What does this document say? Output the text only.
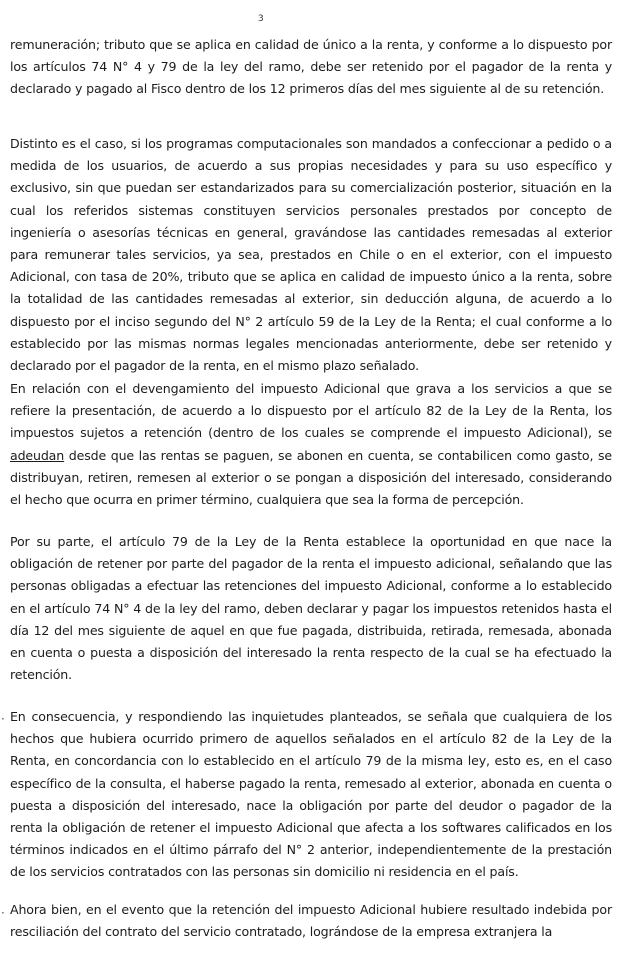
3

remuneración; tributo que se aplica en calidad de único a la renta, y conforme a lo dispuesto por los artículos 74 N° 4 y 79 de la ley del ramo, debe ser retenido por el pagador de la renta y declarado y pagado al Fisco dentro de los 12 primeros días del mes siguiente al de su retención.

Distinto es el caso, si los programas computacionales son mandados a confeccionar a pedido o a medida de los usuarios, de acuerdo a sus propias necesidades y para su uso específico y exclusivo, sin que puedan ser estandarizados para su comercialización posterior, situación en la cual los referidos sistemas constituyen servicios personales prestados por concepto de ingeniería o asesorías técnicas en general, gravándose las cantidades remesadas al exterior para remunerar tales servicios, ya sea, prestados en Chile o en el exterior, con el impuesto Adicional, con tasa de 20%, tributo que se aplica en calidad de impuesto único a la renta, sobre la totalidad de las cantidades remesadas al exterior, sin deducción alguna, de acuerdo a lo dispuesto por el inciso segundo del N° 2 artículo 59 de la Ley de la Renta; el cual conforme a lo establecido por las mismas normas legales mencionadas anteriormente, debe ser retenido y declarado por el pagador de la renta, en el mismo plazo señalado.

En relación con el devengamiento del impuesto Adicional que grava a los servicios a que se refiere la presentación, de acuerdo a lo dispuesto por el artículo 82 de la Ley de la Renta, los impuestos sujetos a retención (dentro de los cuales se comprende el impuesto Adicional), se adeudan desde que las rentas se paguen, se abonen en cuenta, se contabilicen como gasto, se distribuyan, retiren, remesen al exterior o se pongan a disposición del interesado, considerando el hecho que ocurra en primer término, cualquiera que sea la forma de percepción.

Por su parte, el artículo 79 de la Ley de la Renta establece la oportunidad en que nace la obligación de retener por parte del pagador de la renta el impuesto adicional, señalando que las personas obligadas a efectuar las retenciones del impuesto Adicional, conforme a lo establecido en el artículo 74 N° 4 de la ley del ramo, deben declarar y pagar los impuestos retenidos hasta el día 12 del mes siguiente de aquel en que fue pagada, distribuida, retirada, remesada, abonada en cuenta o puesta a disposición del interesado la renta respecto de la cual se ha efectuado la retención.

· En consecuencia, y respondiendo las inquietudes planteados, se señala que cualquiera de los hechos que hubiera ocurrido primero de aquellos señalados en el artículo 82 de la Ley de la Renta, en concordancia con lo establecido en el artículo 79 de la misma ley, esto es, en el caso específico de la consulta, el haberse pagado la renta, remesado al exterior, abonada en cuenta o puesta a disposición del interesado, nace la obligación por parte del deudor o pagador de la renta la obligación de retener el impuesto Adicional que afecta a los softwares calificados en los términos indicados en el último párrafo del N° 2 anterior, independientemente de la prestación de los servicios contratados con las personas sin domicilio ni residencia en el país.

· Ahora bien, en el evento que la retención del impuesto Adicional hubiere resultado indebida por resciliación del contrato del servicio contratado, lográndose de la empresa extranjera la
